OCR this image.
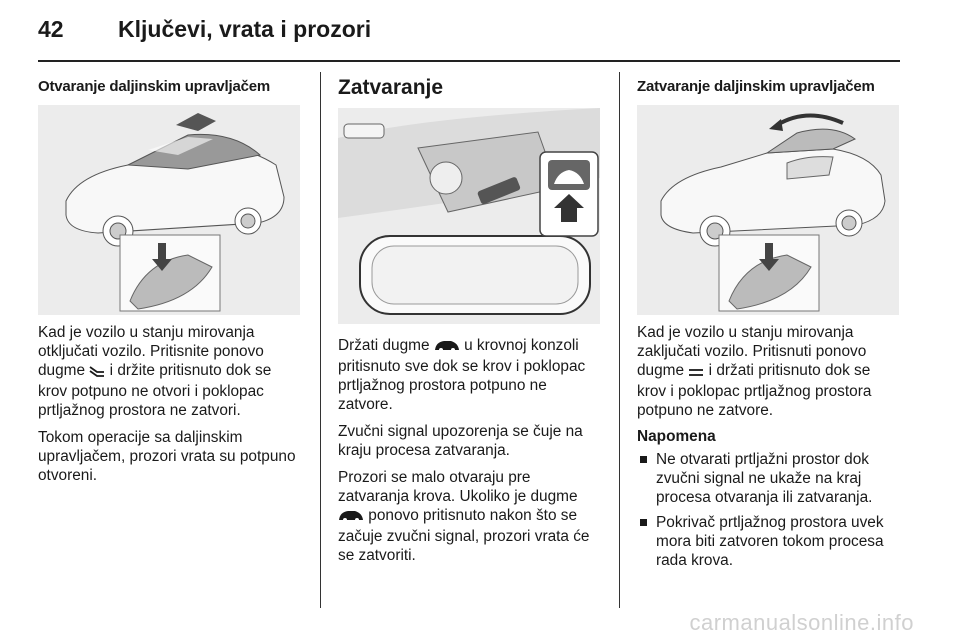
42 Ključevi, vrata i prozori
Otvaranje daljinskim upravljačem

Kad je vozilo u stanju mirovanja otključati vozilo. Pritisnite ponovo dugme  i držite pritisnuto dok se krov potpuno ne otvori i poklopac prtljažnog prostora ne zatvori.

Tokom operacije sa daljinskim upravljačem, prozori vrata su potpuno otvoreni.

Zatvaranje

Držati dugme  u krovnoj konzoli pritisnuto sve dok se krov i poklopac prtljažnog prostora potpuno ne zatvore.

Zvučni signal upozorenja se čuje na kraju procesa zatvaranja.

Prozori se malo otvaraju pre zatvaranja krova. Ukoliko je dugme  ponovo pritisnuto nakon što se začuje zvučni signal, prozori vrata će se zatvoriti.

Zatvaranje daljinskim upravljačem

Kad je vozilo u stanju mirovanja zaključati vozilo. Pritisnuti ponovo dugme  i držati pritisnuto dok se krov i poklopac prtljažnog prostora potpuno ne zatvore.

Napomena
Ne otvarati prtljažni prostor dok zvučni signal ne ukaže na kraj procesa otvaranja ili zatvaranja.
Pokrivač prtljažnog prostora uvek mora biti zatvoren tokom procesa rada krova.
carmanualsonline.info
